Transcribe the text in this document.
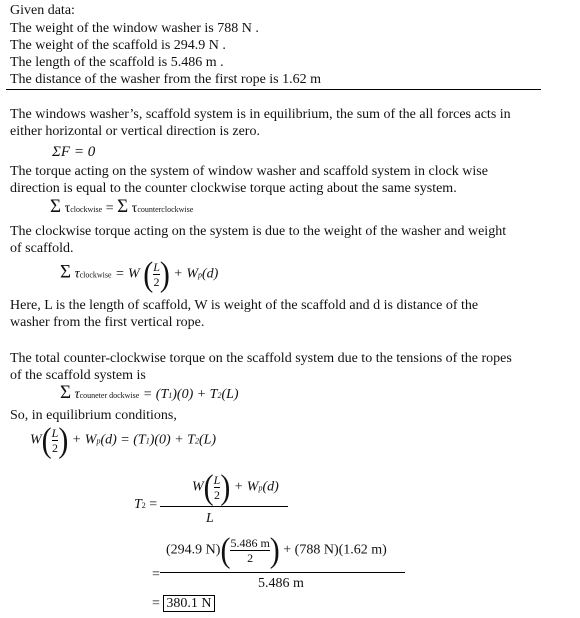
Given data:
The weight of the window washer is 788 N .
The weight of the scaffold is 294.9 N .
The length of the scaffold is 5.486 m .
The distance of the washer from the first rope is 1.62 m
The windows washer’s, scaffold system is in equilibrium, the sum of the all forces acts in
either horizontal or vertical direction is zero.
ΣF = 0
The torque acting on the system of window washer and scaffold system in clock wise
direction is equal to the counter clockwise torque acting about the same system.
Σ τclockwise = Σ τcounterclockwise
The clockwise torque acting on the system is due to the weight of the washer and weight
of scaffold.
Σ τclockwise = W ( $\frac{L}{2}$ ) + Wp(d)
Here, L is the length of scaffold, W is weight of the scaffold and d is distance of the
washer from the first vertical rope.
The total counter-clockwise torque on the scaffold system due to the tensions of the ropes
of the scaffold system is
Σ τcouneter dockwise = (T1)(0) + T2(L)
So, in equilibrium conditions,
$W( \frac{L}{2}$ ) + Wp(d) = (T1)(0) + T2(L)
T2 =
$W( \frac{L}{2}$ ) + Wp(d)
L
=
(294.9 $N)( \frac{5.486 m}{2}$ ) + (788 N)(1.62 m)
5.486 m
= 380.1 N
